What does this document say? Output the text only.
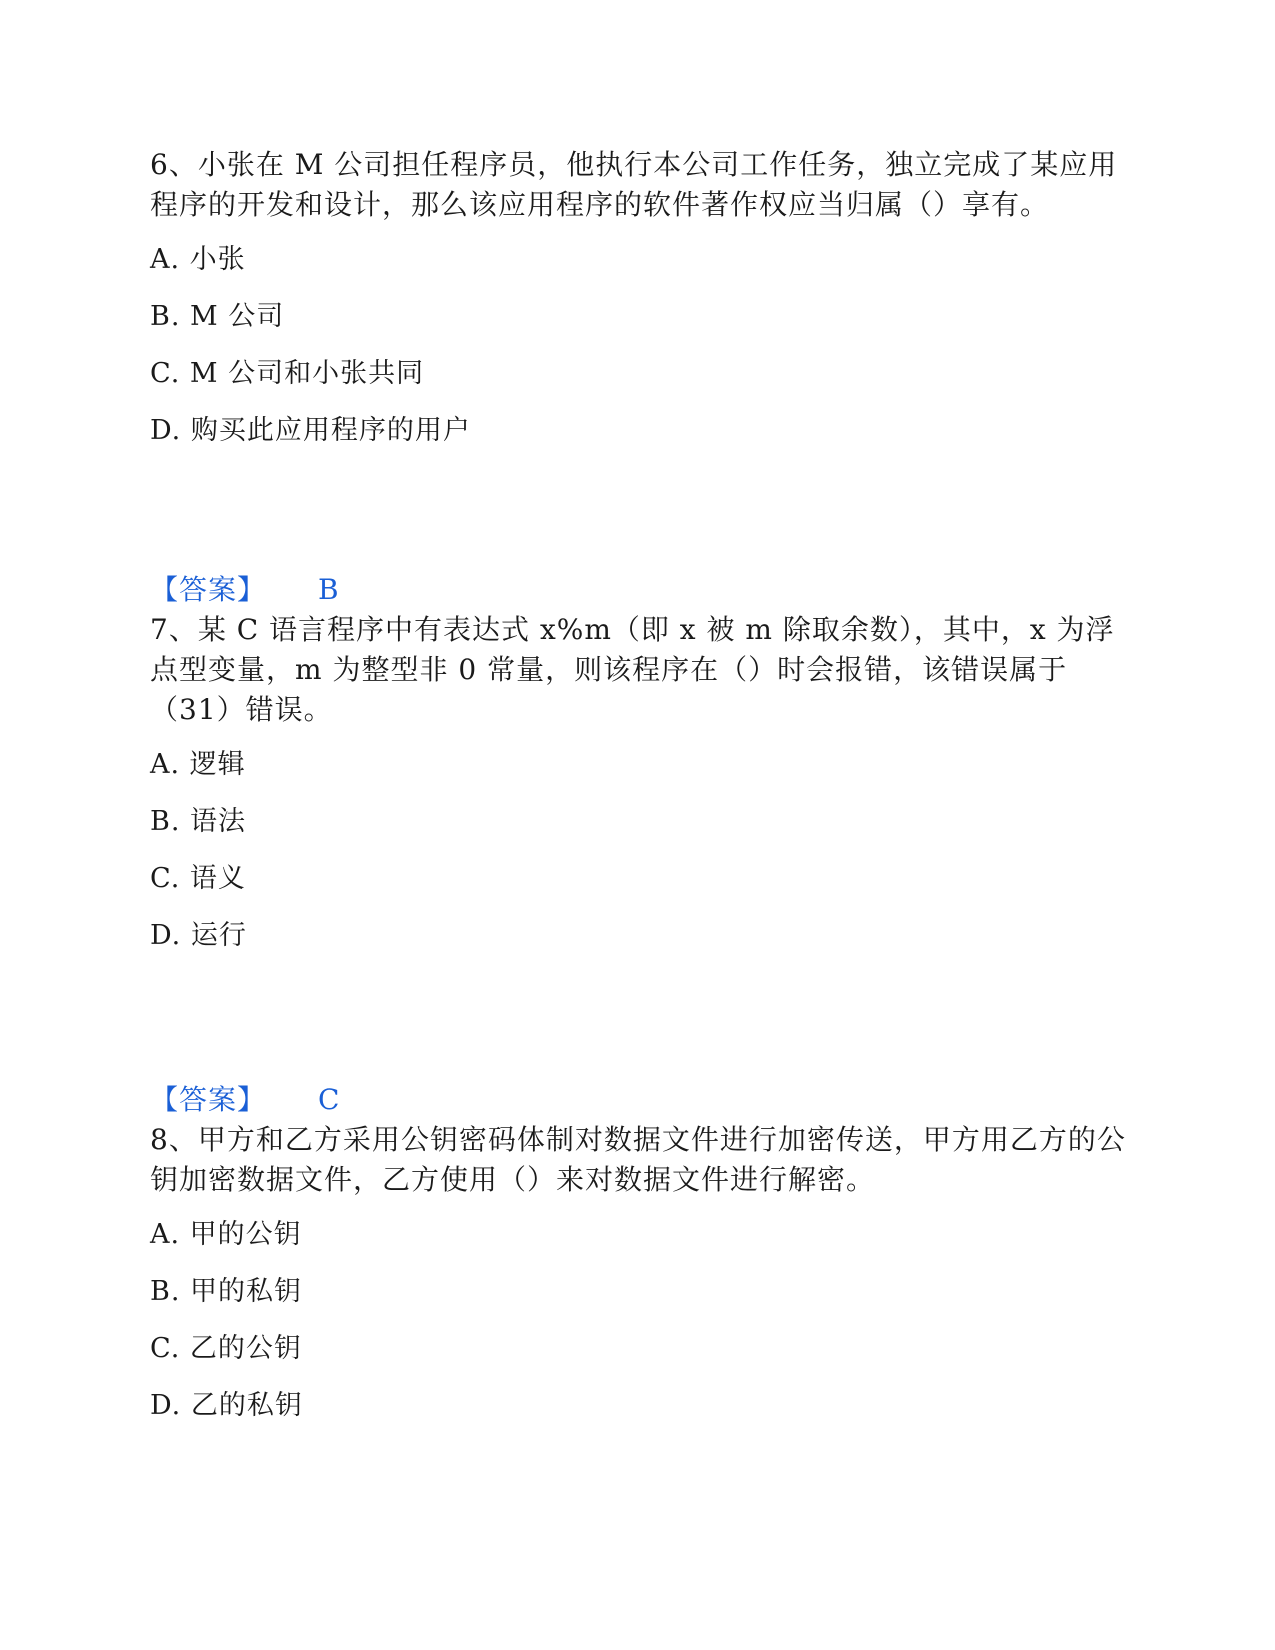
6、小张在 M 公司担任程序员，他执行本公司工作任务，独立完成了某应用程序的开发和设计，那么该应用程序的软件著作权应当归属（）享有。

A. 小张
B. M 公司
C. M 公司和小张共同
D. 购买此应用程序的用户

【答案】 B

7、某 C 语言程序中有表达式 x%m（即 x 被 m 除取余数），其中，x 为浮点型变量，m 为整型非 0 常量，则该程序在（）时会报错，该错误属于（31）错误。

A. 逻辑
B. 语法
C. 语义
D. 运行

【答案】 C

8、甲方和乙方采用公钥密码体制对数据文件进行加密传送，甲方用乙方的公钥加密数据文件，乙方使用（）来对数据文件进行解密。

A. 甲的公钥
B. 甲的私钥
C. 乙的公钥
D. 乙的私钥
